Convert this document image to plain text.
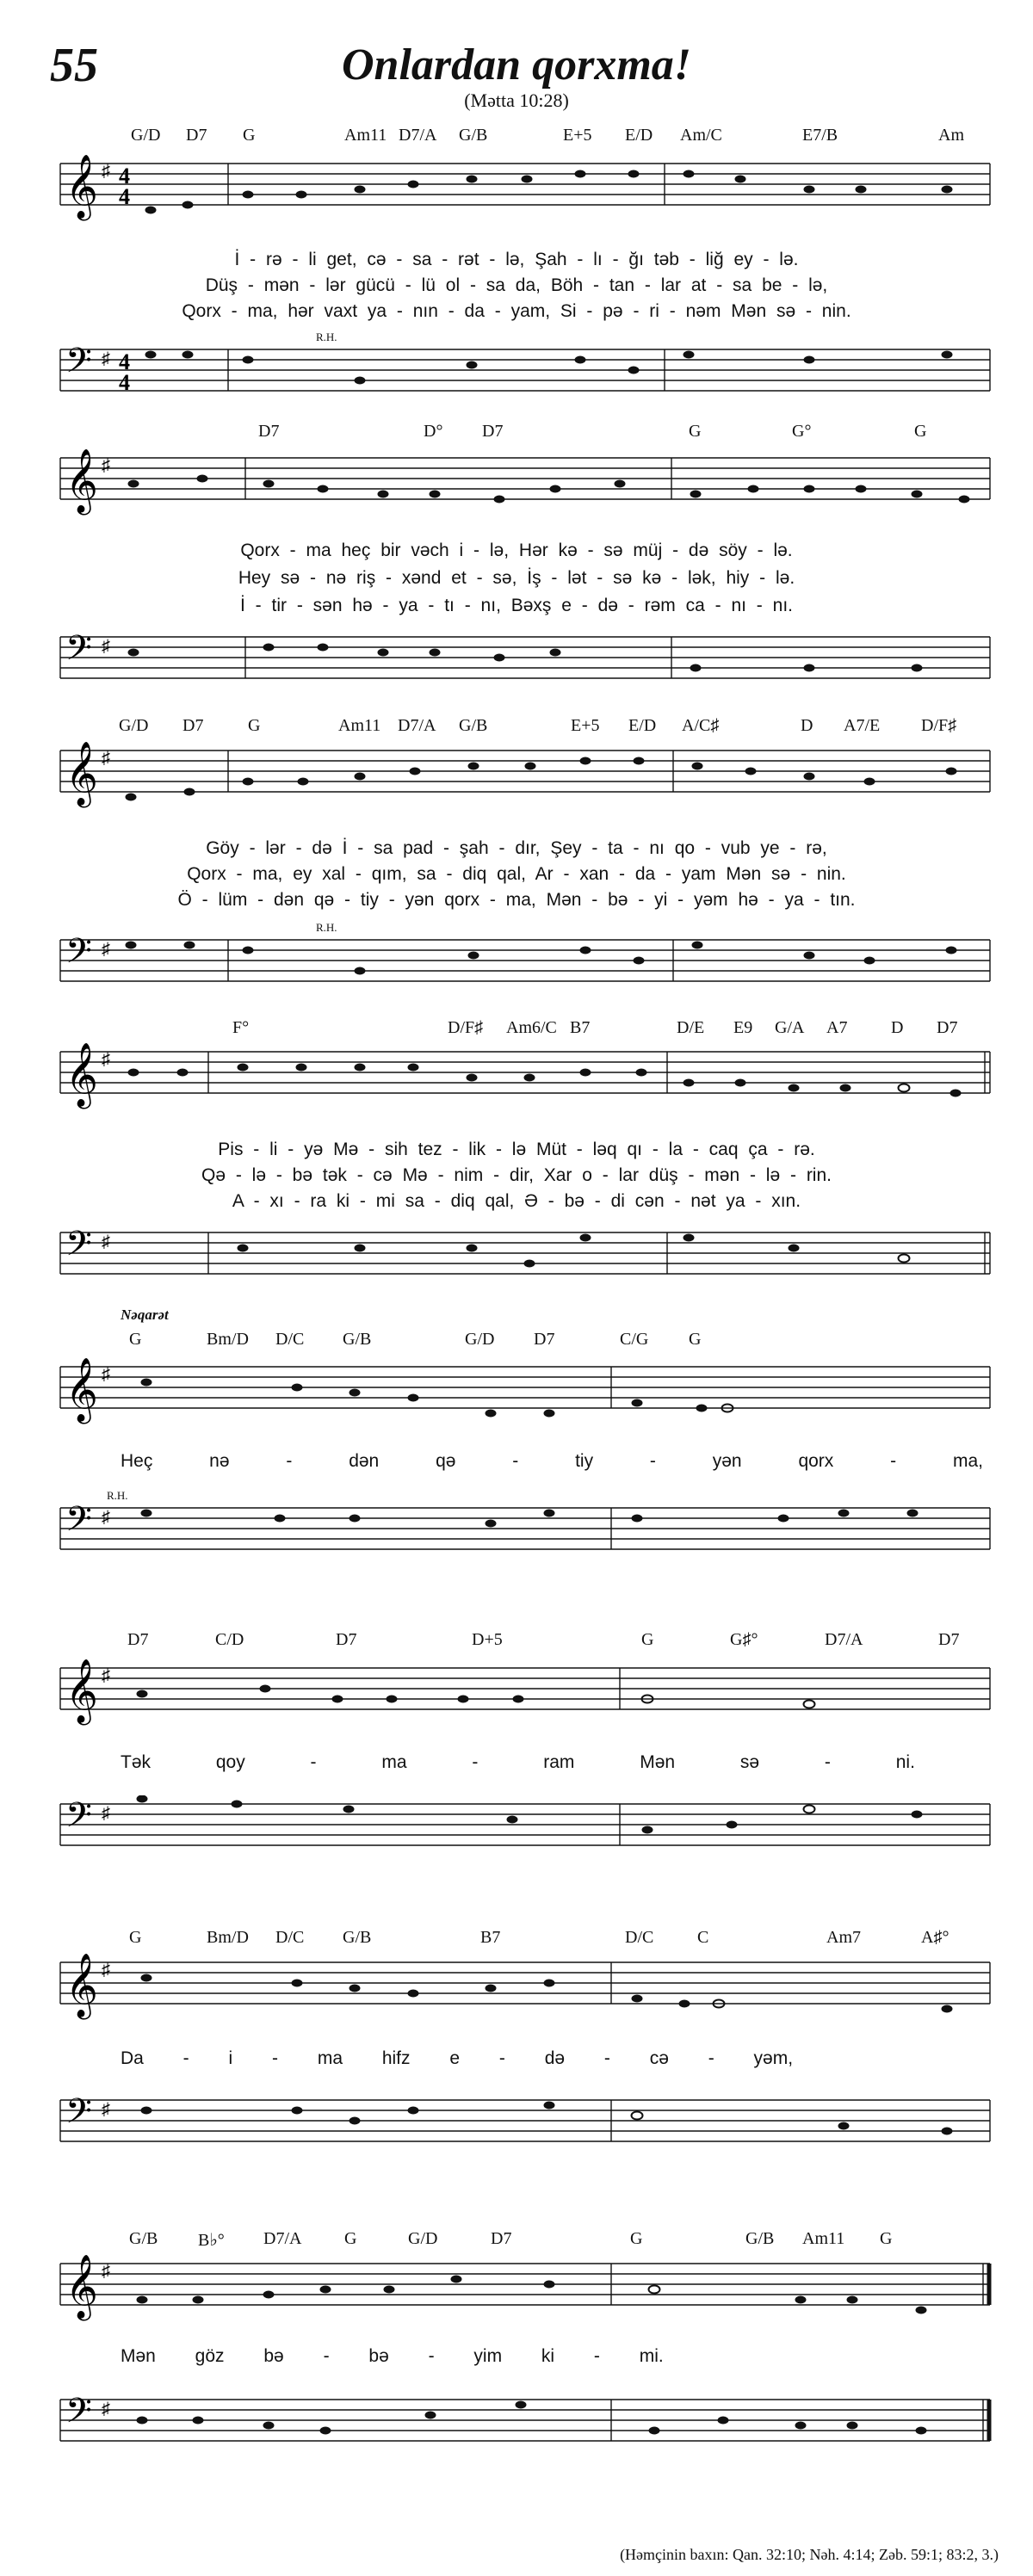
55	Onlardan qorxma!
(Mətta 10:28)
G/D D7 G	Am11 D7/A G/B	E+5 E/D Am/C	E7/B	Am
𝄞 ♯ 4
4
İ - rə - li get, cə - sa - rət - lə, Şah - lı - ğı təb - liğ ey - lə.
Düş - mən - lər gücü - lü ol - sa da, Böh - tan - lar at - sa be - lə,
Qorx - ma, hər vaxt ya - nın - da - yam, Si - pə - ri - nəm Mən sə - nin.
R.H.
𝄢 ♯ 4
4
D7	D° D7	G	G°	G
𝄞 ♯
Qorx - ma heç bir vəch i - lə, Hər kə - sə müj - də söy - lə.
Hey sə - nə riş - xənd et - sə, İş - lət - sə kə - lək, hiy - lə.
İ - tir - sən hə - ya - tı - nı, Bəxş e - də - rəm ca - nı - nı.
𝄢 ♯
G/D D7	G	Am11 D7/A G/B	E+5 E/D A/C♯	D A7/E D/F♯
𝄞 ♯
Göy - lər - də İ - sa pad - şah - dır, Şey - ta - nı qo - vub ye - rə,
Qorx - ma, ey xal - qım, sa - diq qal, Ar - xan - da - yam Mən sə - nin.
Ö - lüm - dən qə - tiy - yən qorx - ma, Mən - bə - yi - yəm hə - ya - tın.
R.H.
𝄢 ♯
F°	D/F♯ Am6/C B7	D/E E9 G/A A7	D D7
𝄞 ♯
Pis - li - yə Mə - sih tez - lik - lə Müt - ləq qı - la - caq ça - rə.
Qə - lə - bə tək - cə Mə - nim - dir, Xar o - lar düş - mən - lə - rin.
A - xı - ra ki - mi sa - diq qal, Ə - bə - di cən - nət ya - xın.
𝄢 ♯
Nəqarət
G	Bm/D D/C G/B	G/D D7	C/G G
𝄞 ♯
Heç nə - dən qə - tiy - yən qorx - ma,
R.H.
𝄢 ♯
D7	C/D	D7	D+5	G	G♯°	D7/A	D7
𝄞 ♯
Tək qoy - ma - ram Mən sə - ni.
𝄢 ♯
G	Bm/D D/C G/B	B7	D/C	C	Am7	A♯°
𝄞 ♯
Da - i - ma hifz e - də - cə - yəm,
𝄢 ♯
G/B B♭° D7/A G	G/D	D7	G	G/B Am11 G
𝄞 ♯
Mən göz bə - bə - yim ki - mi.
𝄢 ♯
(Həmçinin baxın: Qan. 32:10; Nəh. 4:14; Zəb. 59:1; 83:2, 3.)
